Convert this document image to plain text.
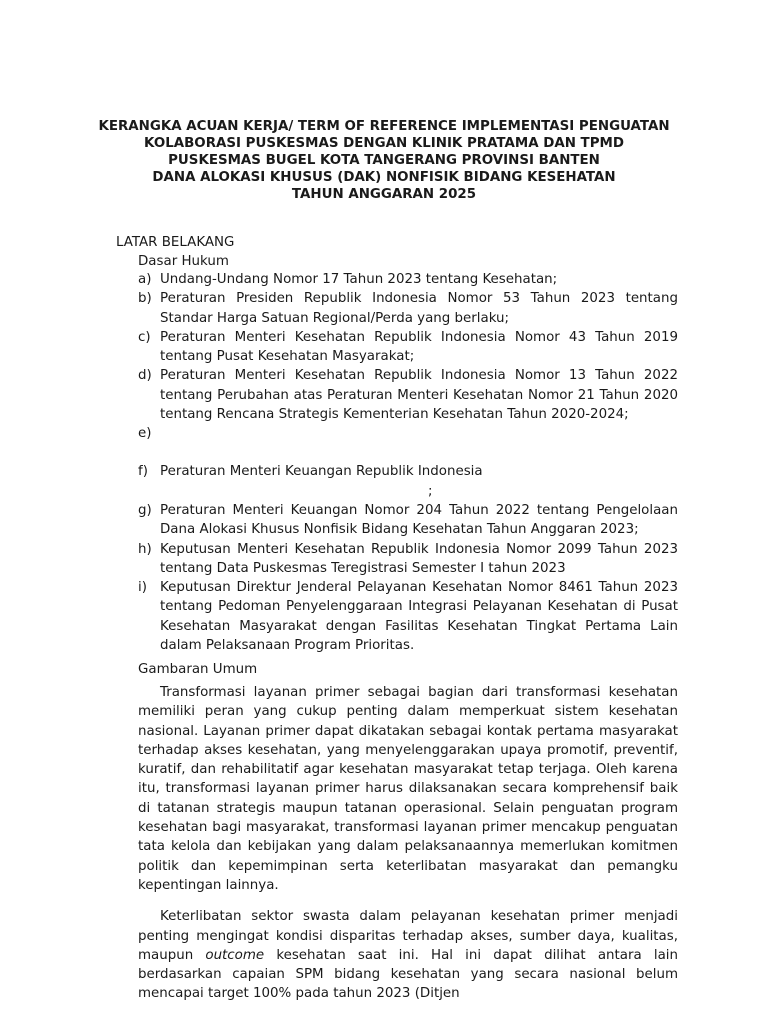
KERANGKA ACUAN KERJA/ TERM OF REFERENCE IMPLEMENTASI PENGUATAN
KOLABORASI PUSKESMAS DENGAN KLINIK PRATAMA DAN TPMD
PUSKESMAS BUGEL KOTA TANGERANG PROVINSI BANTEN
DANA ALOKASI KHUSUS (DAK) NONFISIK BIDANG KESEHATAN
TAHUN ANGGARAN 2025
LATAR BELAKANG
Dasar Hukum
a) Undang-Undang Nomor 17 Tahun 2023 tentang Kesehatan;
b) Peraturan Presiden Republik Indonesia Nomor 53 Tahun 2023 tentang Standar Harga Satuan Regional/Perda yang berlaku;
c) Peraturan Menteri Kesehatan Republik Indonesia Nomor 43 Tahun 2019 tentang Pusat Kesehatan Masyarakat;
d) Peraturan Menteri Kesehatan Republik Indonesia Nomor 13 Tahun 2022 tentang Perubahan atas Peraturan Menteri Kesehatan Nomor 21 Tahun 2020 tentang Rencana Strategis Kementerian Kesehatan Tahun 2020-2024;
e)
f) Peraturan Menteri Keuangan Republik Indonesia
;
g) Peraturan Menteri Keuangan Nomor 204 Tahun 2022 tentang Pengelolaan Dana Alokasi Khusus Nonfisik Bidang Kesehatan Tahun Anggaran 2023;
h) Keputusan Menteri Kesehatan Republik Indonesia Nomor 2099 Tahun 2023 tentang Data Puskesmas Teregistrasi Semester I tahun 2023
i) Keputusan Direktur Jenderal Pelayanan Kesehatan Nomor 8461 Tahun 2023 tentang Pedoman Penyelenggaraan Integrasi Pelayanan Kesehatan di Pusat Kesehatan Masyarakat dengan Fasilitas Kesehatan Tingkat Pertama Lain dalam Pelaksanaan Program Prioritas.
Gambaran Umum

Transformasi layanan primer sebagai bagian dari transformasi kesehatan memiliki peran yang cukup penting dalam memperkuat sistem kesehatan nasional. Layanan primer dapat dikatakan sebagai kontak pertama masyarakat terhadap akses kesehatan, yang menyelenggarakan upaya promotif, preventif, kuratif, dan rehabilitatif agar kesehatan masyarakat tetap terjaga. Oleh karena itu, transformasi layanan primer harus dilaksanakan secara komprehensif baik di tatanan strategis maupun tatanan operasional. Selain penguatan program kesehatan bagi masyarakat, transformasi layanan primer mencakup penguatan tata kelola dan kebijakan yang dalam pelaksanaannya memerlukan komitmen politik dan kepemimpinan serta keterlibatan masyarakat dan pemangku kepentingan lainnya.

Keterlibatan sektor swasta dalam pelayanan kesehatan primer menjadi penting mengingat kondisi disparitas terhadap akses, sumber daya, kualitas, maupun outcome kesehatan saat ini. Hal ini dapat dilihat antara lain berdasarkan capaian SPM bidang kesehatan yang secara nasional belum mencapai target 100% pada tahun 2023 (Ditjen
